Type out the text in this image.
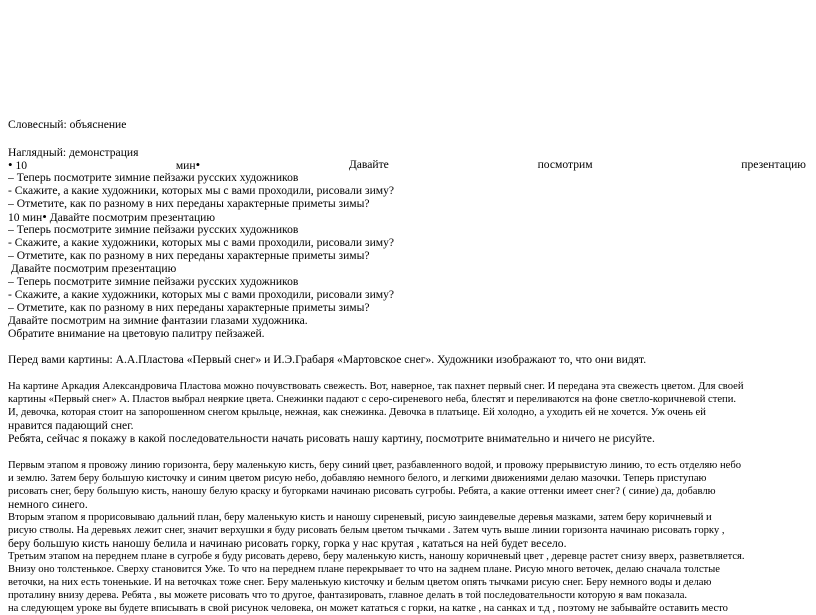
Словесный: объяснение
Наглядный: демонстрация
• 10	мин•	Давайте	посмотрим	презентацию
– Теперь посмотрите зимние пейзажи русских художников
- Скажите, а какие художники, которых мы с вами проходили, рисовали зиму?
– Отметите, как по разному в них переданы характерные приметы зимы?
10 мин• Давайте посмотрим презентацию
– Теперь посмотрите зимние пейзажи русских художников
- Скажите, а какие художники, которых мы с вами проходили, рисовали зиму?
– Отметите, как по разному в них переданы характерные приметы зимы?
Давайте посмотрим презентацию
– Теперь посмотрите зимние пейзажи русских художников
- Скажите, а какие художники, которых мы с вами проходили, рисовали зиму?
– Отметите, как по разному в них переданы характерные приметы зимы?
Давайте посмотрим на зимние фантазии глазами художника.
Обратите внимание на цветовую палитру пейзажей.
Перед вами картины: А.А.Пластова «Первый снег» и И.Э.Грабаря «Мартовское снег». Художники изображают то, что они видят.
На картине Аркадия Александровича Пластова можно почувствовать свежесть. Вот, наверное, так пахнет первый снег. И передана эта свежесть цветом. Для своей
картины «Первый снег» А. Пластов выбрал неяркие цвета. Снежинки падают с серо-сиреневого неба, блестят и переливаются на фоне светло-коричневой степи.
И, девочка, которая стоит на запорошенном снегом крыльце, нежная, как снежинка. Девочка в платьице. Ей холодно, а уходить ей не хочется. Уж очень ей
нравится падающий снег.
Ребята, сейчас я покажу в какой последовательности начать рисовать нашу картину, посмотрите внимательно и ничего не рисуйте.
Первым этапом я провожу линию горизонта, беру маленькую кисть, беру синий цвет, разбавленного водой, и провожу прерывистую линию, то есть отделяю небо
и землю. Затем беру большую кисточку и синим цветом рисую небо, добавляю немного белого, и легкими движениями делаю мазочки. Теперь приступаю
рисовать снег, беру большую кисть, наношу белую краску и бугорками начинаю рисовать сугробы. Ребята, а какие оттенки имеет снег? ( синие) да, добавлю
немного синего.
Вторым этапом я прорисовываю дальний план, беру маленькую кисть и наношу сиреневый, рисую заиндевелые деревья мазками, затем беру коричневый и
рисую стволы. На деревьях лежит снег, значит верхушки я буду рисовать белым цветом тычками . Затем чуть выше линии горизонта начинаю рисовать горку ,
беру большую кисть наношу белила и начинаю рисовать горку, горка у нас крутая , кататься на ней будет весело.
Третьим этапом на переднем плане в сугробе я буду рисовать дерево, беру маленькую кисть, наношу коричневый цвет , деревце растет снизу вверх, разветвляется.
Внизу оно толстенькое. Сверху становится Уже. То что на переднем плане перекрывает то что на заднем плане. Рисую много веточек, делаю сначала толстые
веточки, на них есть тоненькие. И на веточках тоже снег. Беру маленькую кисточку и белым цветом опять тычками рисую снег. Беру немного воды и делаю
проталину внизу дерева. Ребята , вы можете рисовать что то другое, фантазировать, главное делать в той последовательности которую я вам показала.
на следующем уроке вы будете вписывать в свой рисунок человека, он может кататься с горки, на катке , на санках и т.д , поэтому не забывайте оставить место
